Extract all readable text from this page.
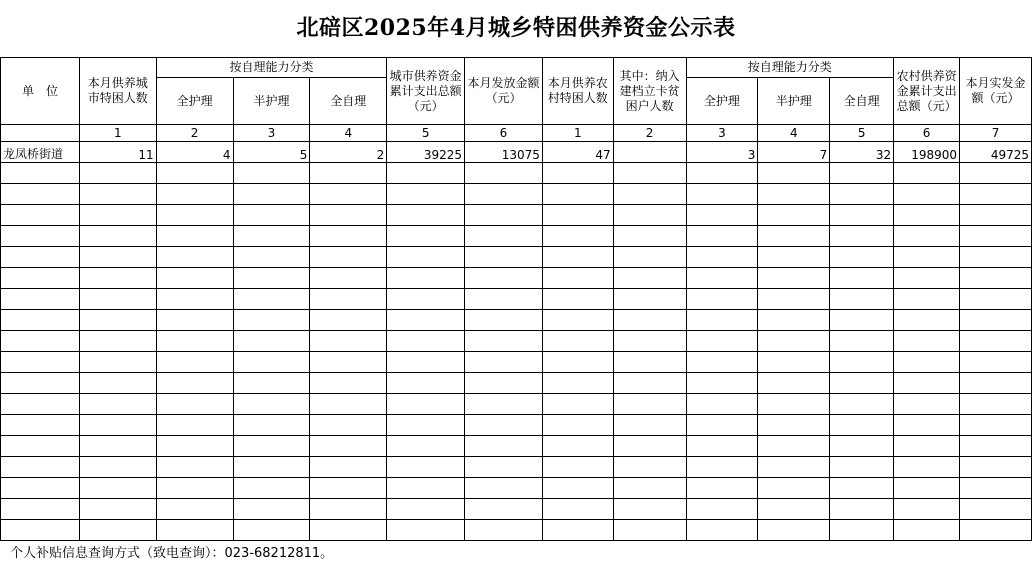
北碚区2025年4月城乡特困供养资金公示表
单　位	本月供养城市特困人数	按自理能力分类			城市供养资金累计支出总额（元）	本月发放金额（元）	本月供养农村特困人数	其中：纳入建档立卡贫困户人数	按自理能力分类			农村供养资金累计支出总额（元）	本月实发金额（元）
		全护理	半护理	全自理					全护理	半护理	全自理		
	1	2	3	4	5	6	1	2	3	4	5	6	7
龙凤桥街道	11	4	5	2	39225	13075	47		3	7	32	198900	49725

个人补贴信息查询方式（致电查询）：023-68212811。
